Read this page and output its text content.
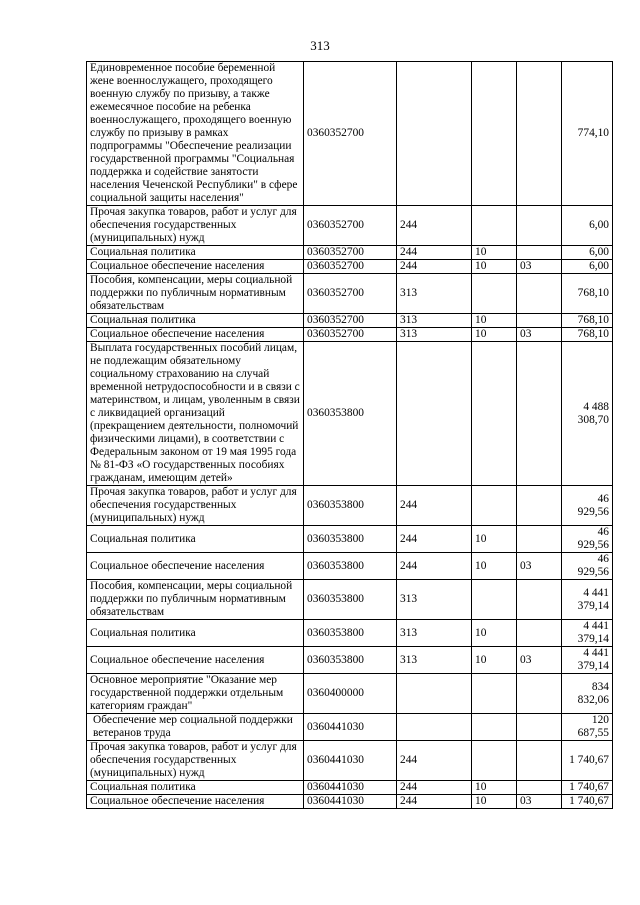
313
Единовременное пособие беременной жене военнослужащего, проходящего военную службу по призыву, а также ежемесячное пособие на ребенка военнослужащего, проходящего военную службу по призыву в рамках подпрограммы "Обеспечение реализации государственной программы "Социальная поддержка и содействие занятости населения Чеченской Республики" в сфере социальной защиты населения"	0360352700				774,10
Прочая закупка товаров, работ и услуг для обеспечения государственных (муниципальных) нужд	0360352700	244			6,00
Социальная политика	0360352700	244	10		6,00
Социальное обеспечение населения	0360352700	244	10	03	6,00
Пособия, компенсации, меры социальной поддержки по публичным нормативным обязательствам	0360352700	313			768,10
Социальная политика	0360352700	313	10		768,10
Социальное обеспечение населения	0360352700	313	10	03	768,10
Выплата государственных пособий лицам, не подлежащим обязательному социальному страхованию на случай временной нетрудоспособности и в связи с материнством, и лицам, уволенным в связи с ликвидацией организаций (прекращением деятельности, полномочий физическими лицами), в соответствии с Федеральным законом от 19 мая 1995 года № 81-ФЗ «О государственных пособиях гражданам, имеющим детей»	0360353800				4 488 308,70
Прочая закупка товаров, работ и услуг для обеспечения государственных (муниципальных) нужд	0360353800	244			46 929,56
Социальная политика	0360353800	244	10		46 929,56
Социальное обеспечение населения	0360353800	244	10	03	46 929,56
Пособия, компенсации, меры социальной поддержки по публичным нормативным обязательствам	0360353800	313			4 441 379,14
Социальная политика	0360353800	313	10		4 441 379,14
Социальное обеспечение населения	0360353800	313	10	03	4 441 379,14
Основное мероприятие "Оказание мер государственной поддержки отдельным категориям граждан"	0360400000				834 832,06
Обеспечение мер социальной поддержки ветеранов труда	0360441030				120 687,55
Прочая закупка товаров, работ и услуг для обеспечения государственных (муниципальных) нужд	0360441030	244			1 740,67
Социальная политика	0360441030	244	10		1 740,67
Социальное обеспечение населения	0360441030	244	10	03	1 740,67
